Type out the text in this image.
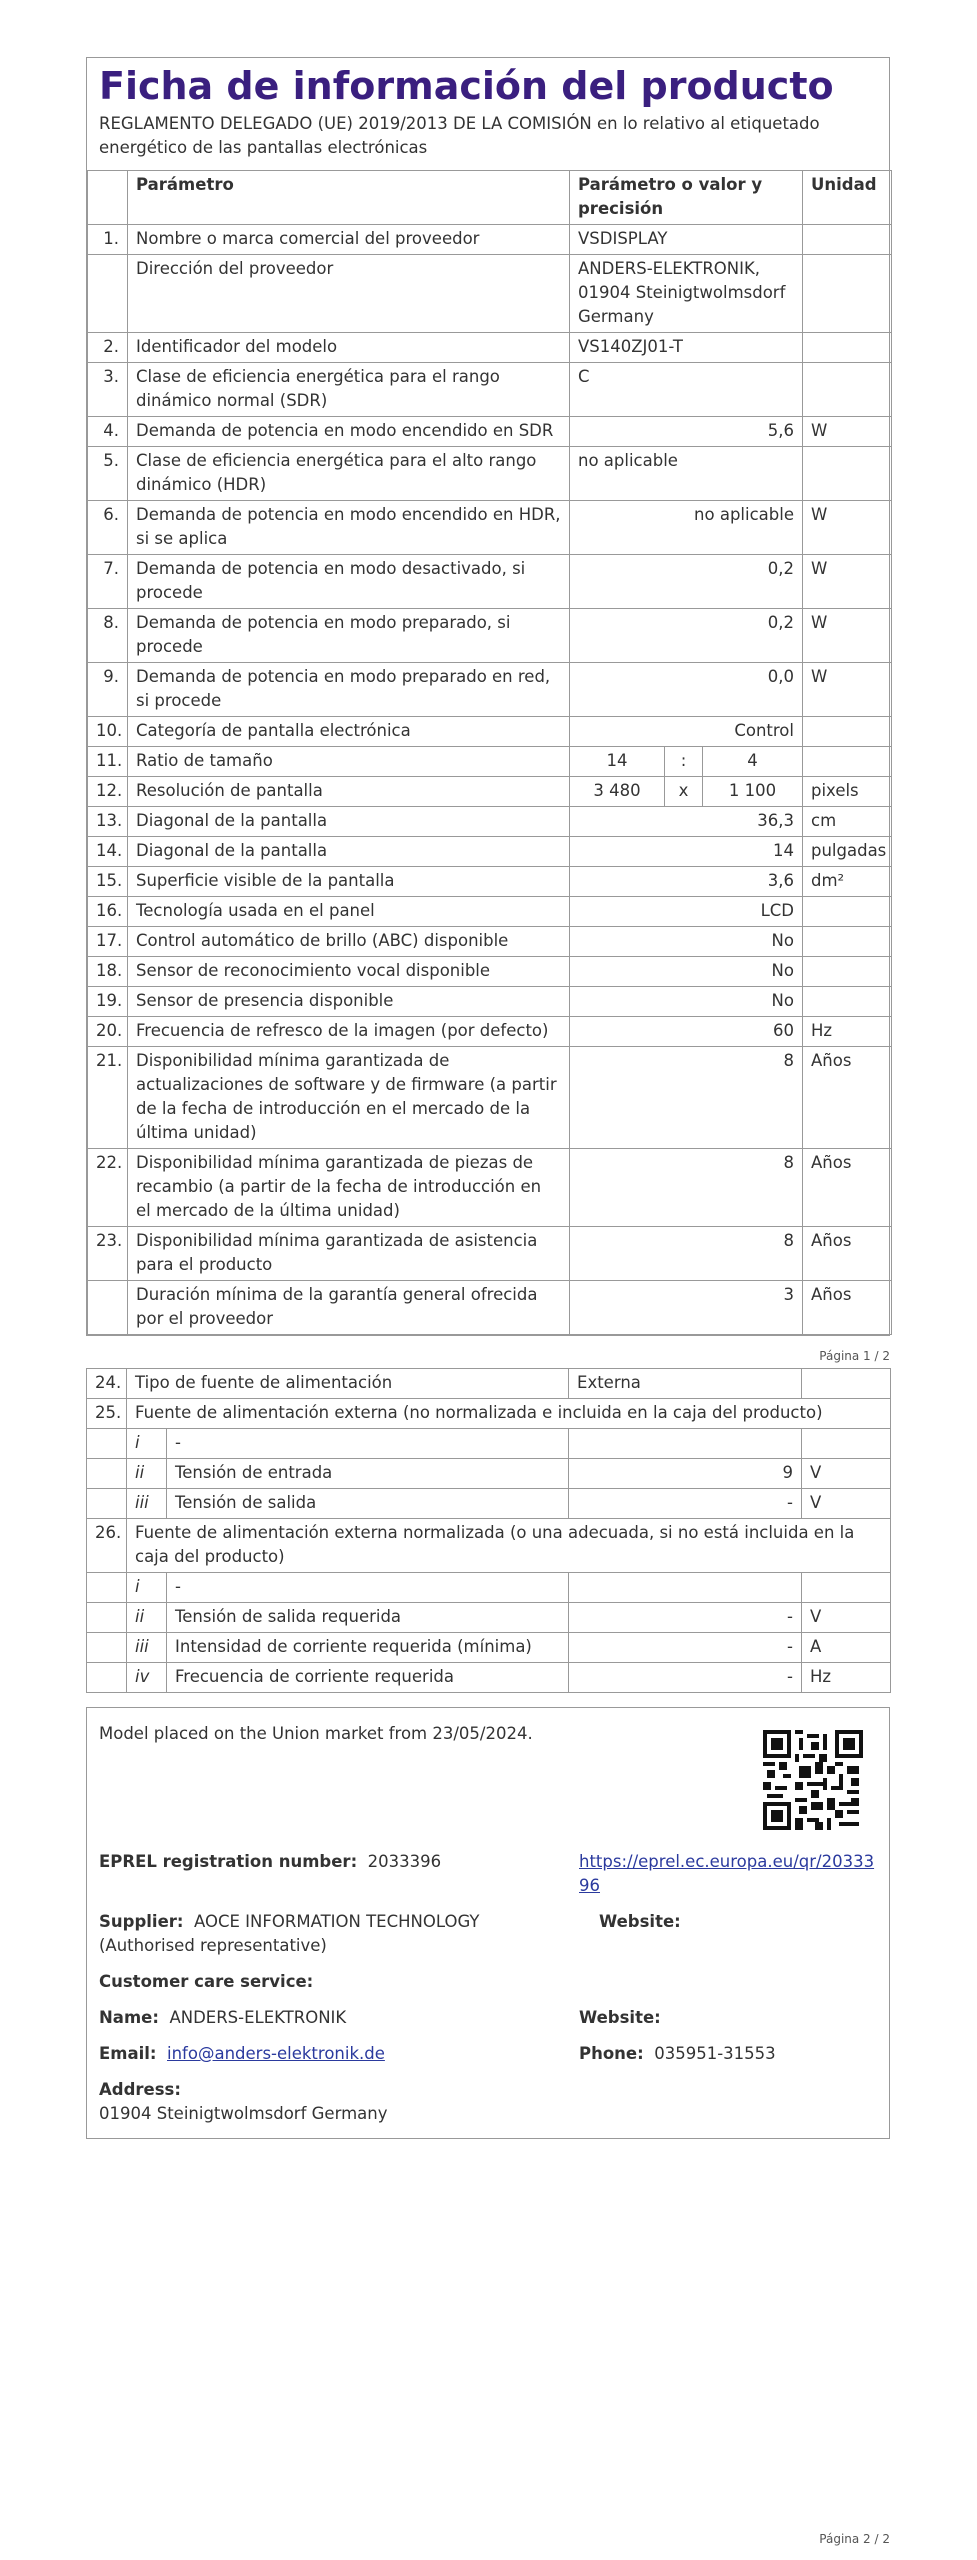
Ficha de información del producto
REGLAMENTO DELEGADO (UE) 2019/2013 DE LA COMISIÓN en lo relativo al etiquetado energético de las pantallas electrónicas
	Parámetro	Parámetro o valor y precisión			Unidad
1.	Nombre o marca comercial del proveedor	VSDISPLAY			
	Dirección del proveedor	ANDERS-ELEKTRONIK, 01904 Steinigtwolmsdorf Germany			
2.	Identificador del modelo	VS140ZJ01-T			
3.	Clase de eficiencia energética para el rango dinámico normal (SDR)	C			
4.	Demanda de potencia en modo encendido en SDR	5,6			W
5.	Clase de eficiencia energética para el alto rango dinámico (HDR)	no aplicable			
6.	Demanda de potencia en modo encendido en HDR, si se aplica	no aplicable			W
7.	Demanda de potencia en modo desactivado, si procede	0,2			W
8.	Demanda de potencia en modo preparado, si procede	0,2			W
9.	Demanda de potencia en modo preparado en red, si procede	0,0			W
10.	Categoría de pantalla electrónica	Control			
11.	Ratio de tamaño	14	:	4	
12.	Resolución de pantalla	3 480	x	1 100	pixels
13.	Diagonal de la pantalla	36,3			cm
14.	Diagonal de la pantalla	14			pulgadas
15.	Superficie visible de la pantalla	3,6			dm²
16.	Tecnología usada en el panel	LCD			
17.	Control automático de brillo (ABC) disponible	No			
18.	Sensor de reconocimiento vocal disponible	No			
19.	Sensor de presencia disponible	No			
20.	Frecuencia de refresco de la imagen (por defecto)	60			Hz
21.	Disponibilidad mínima garantizada de actualizaciones de software y de firmware (a partir de la fecha de introducción en el mercado de la última unidad)	8			Años
22.	Disponibilidad mínima garantizada de piezas de recambio (a partir de la fecha de introducción en el mercado de la última unidad)	8			Años
23.	Disponibilidad mínima garantizada de asistencia para el producto	8			Años
	Duración mínima de la garantía general ofrecida por el proveedor	3			Años
Página 1 / 2
24.	Tipo de fuente de alimentación		Externa	
25.	Fuente de alimentación externa (no normalizada e incluida en la caja del producto)			
	i	-		
	ii	Tensión de entrada	9	V
	iii	Tensión de salida	-	V
26.	Fuente de alimentación externa normalizada (o una adecuada, si no está incluida en la caja del producto)			
	i	-		
	ii	Tensión de salida requerida	-	V
	iii	Intensidad de corriente requerida (mínima)	-	A
	iv	Frecuencia de corriente requerida	-	Hz
Model placed on the Union market from 23/05/2024.
EPREL registration number: 2033396	https://eprel.ec.europa.eu/qr/2033396
Supplier: AOCE INFORMATION TECHNOLOGY (Authorised representative)
Website:
Customer care service:
Name: ANDERS-ELEKTRONIK	Website:
Email: info@anders-elektronik.de	Phone: 035951-31553
Address:
01904 Steinigtwolmsdorf Germany
Página 2 / 2
